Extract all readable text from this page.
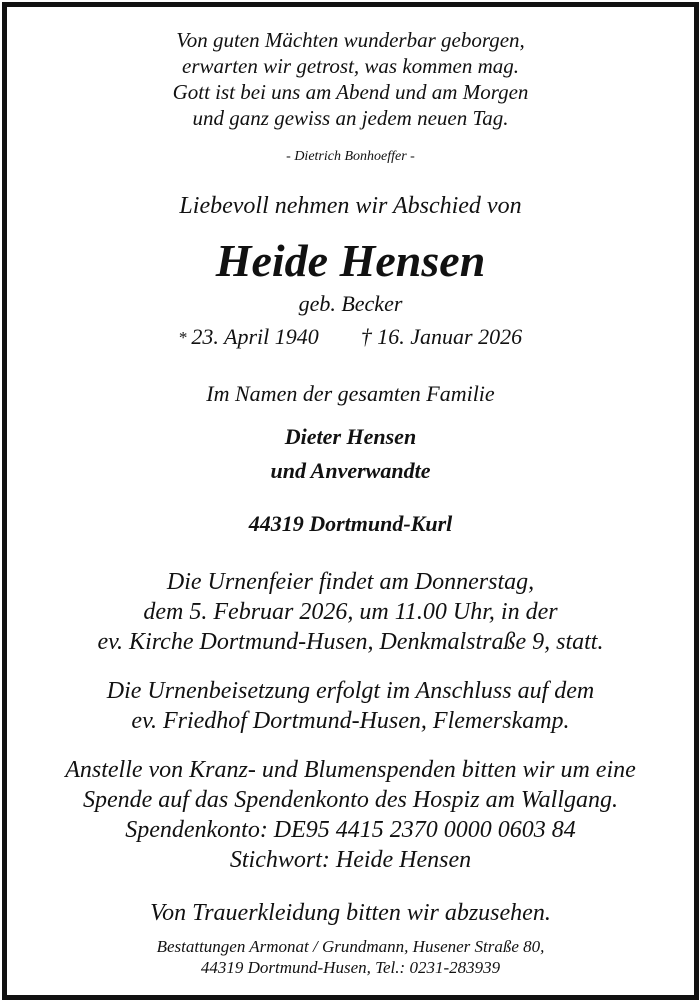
Von guten Mächten wunderbar geborgen,
erwarten wir getrost, was kommen mag.
Gott ist bei uns am Abend und am Morgen
und ganz gewiss an jedem neuen Tag.
- Dietrich Bonhoeffer -
Liebevoll nehmen wir Abschied von
Heide Hensen
geb. Becker
* 23. April 1940 † 16. Januar 2026
Im Namen der gesamten Familie
Dieter Hensen
und Anverwandte
44319 Dortmund-Kurl
Die Urnenfeier findet am Donnerstag,
dem 5. Februar 2026, um 11.00 Uhr, in der
ev. Kirche Dortmund-Husen, Denkmalstraße 9, statt.
Die Urnenbeisetzung erfolgt im Anschluss auf dem
ev. Friedhof Dortmund-Husen, Flemerskamp.
Anstelle von Kranz- und Blumenspenden bitten wir um eine
Spende auf das Spendenkonto des Hospiz am Wallgang.
Spendenkonto: DE95 4415 2370 0000 0603 84
Stichwort: Heide Hensen
Von Trauerkleidung bitten wir abzusehen.
Bestattungen Armonat / Grundmann, Husener Straße 80,
44319 Dortmund-Husen, Tel.: 0231-283939
